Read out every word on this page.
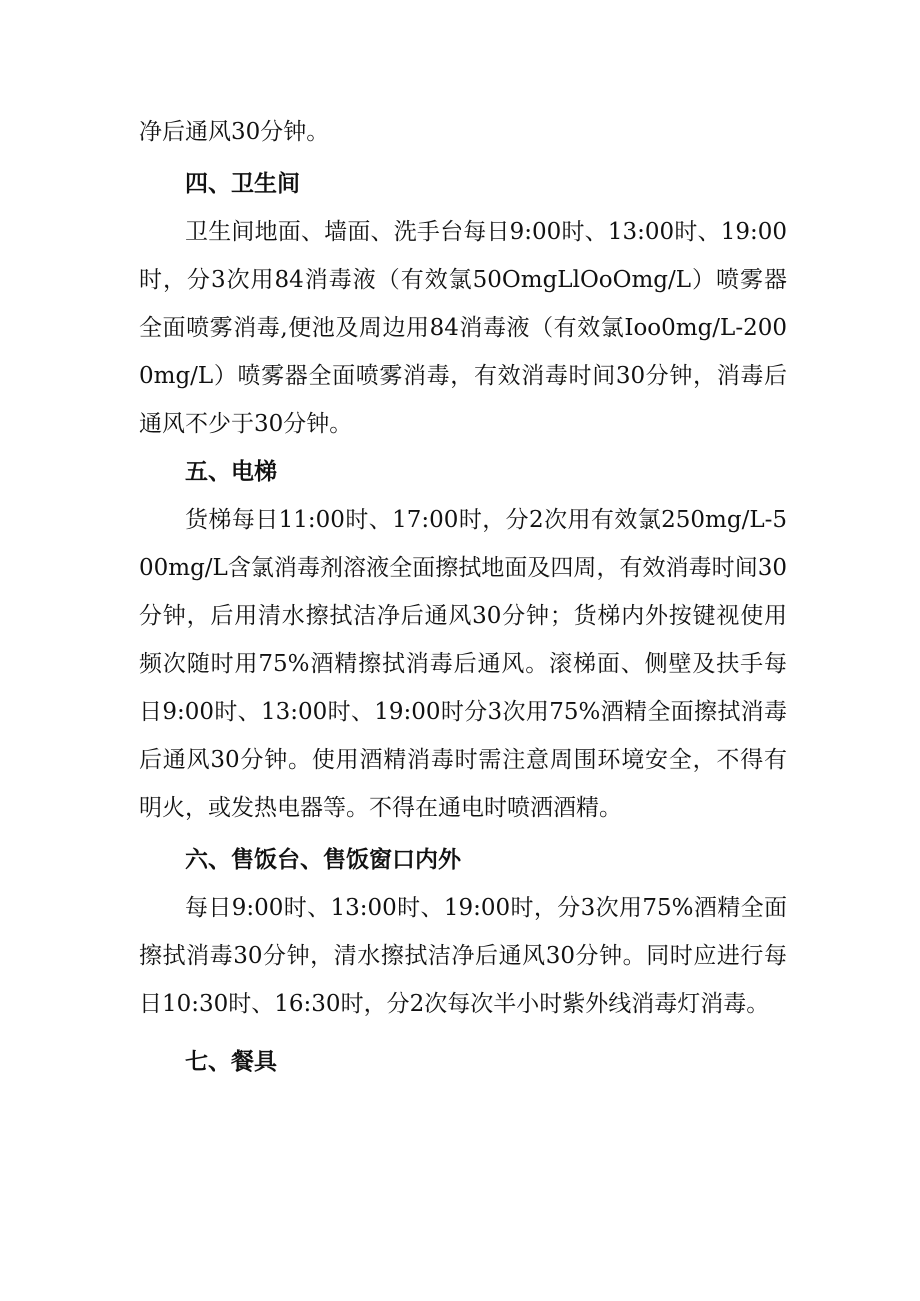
净后通风30分钟。

四、卫生间

卫生间地面、墙面、洗手台每日9:00时、13:00时、19:00时，分3次用84消毒液（有效氯50OmgLlOoOmg/L）喷雾器全面喷雾消毒,便池及周边用84消毒液（有效氯Ioo0mg/L-2000mg/L）喷雾器全面喷雾消毒，有效消毒时间30分钟，消毒后通风不少于30分钟。

五、电梯

货梯每日11:00时、17:00时，分2次用有效氯250mg/L-500mg/L含氯消毒剂溶液全面擦拭地面及四周，有效消毒时间30分钟，后用清水擦拭洁净后通风30分钟；货梯内外按键视使用频次随时用75%酒精擦拭消毒后通风。滚梯面、侧壁及扶手每日9:00时、13:00时、19:00时分3次用75%酒精全面擦拭消毒后通风30分钟。使用酒精消毒时需注意周围环境安全，不得有明火，或发热电器等。不得在通电时喷洒酒精。

六、售饭台、售饭窗口内外

每日9:00时、13:00时、19:00时，分3次用75%酒精全面擦拭消毒30分钟，清水擦拭洁净后通风30分钟。同时应进行每日10:30时、16:30时，分2次每次半小时紫外线消毒灯消毒。

七、餐具
